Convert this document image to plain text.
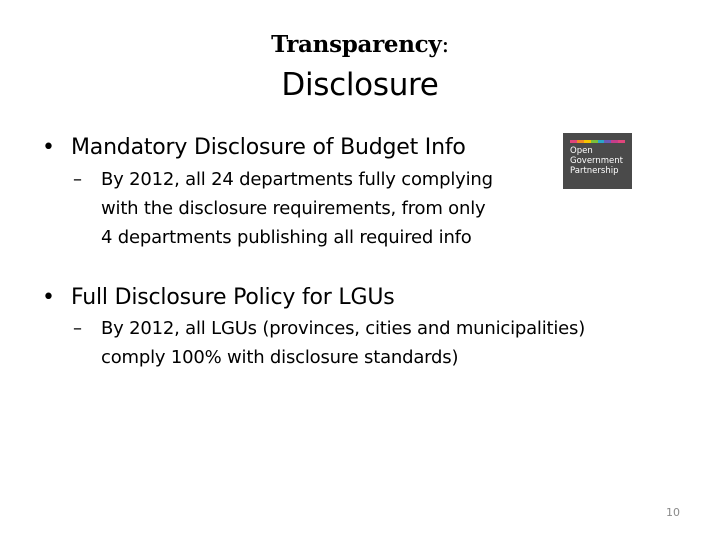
Transparency:
Disclosure
• Mandatory Disclosure of Budget Info
– By 2012, all 24 departments fully complying
with the disclosure requirements, from only
4 departments publishing all required info
• Full Disclosure Policy for LGUs
– By 2012, all LGUs (provinces, cities and municipalities)
comply 100% with disclosure standards)
Open
Government
Partnership
10
